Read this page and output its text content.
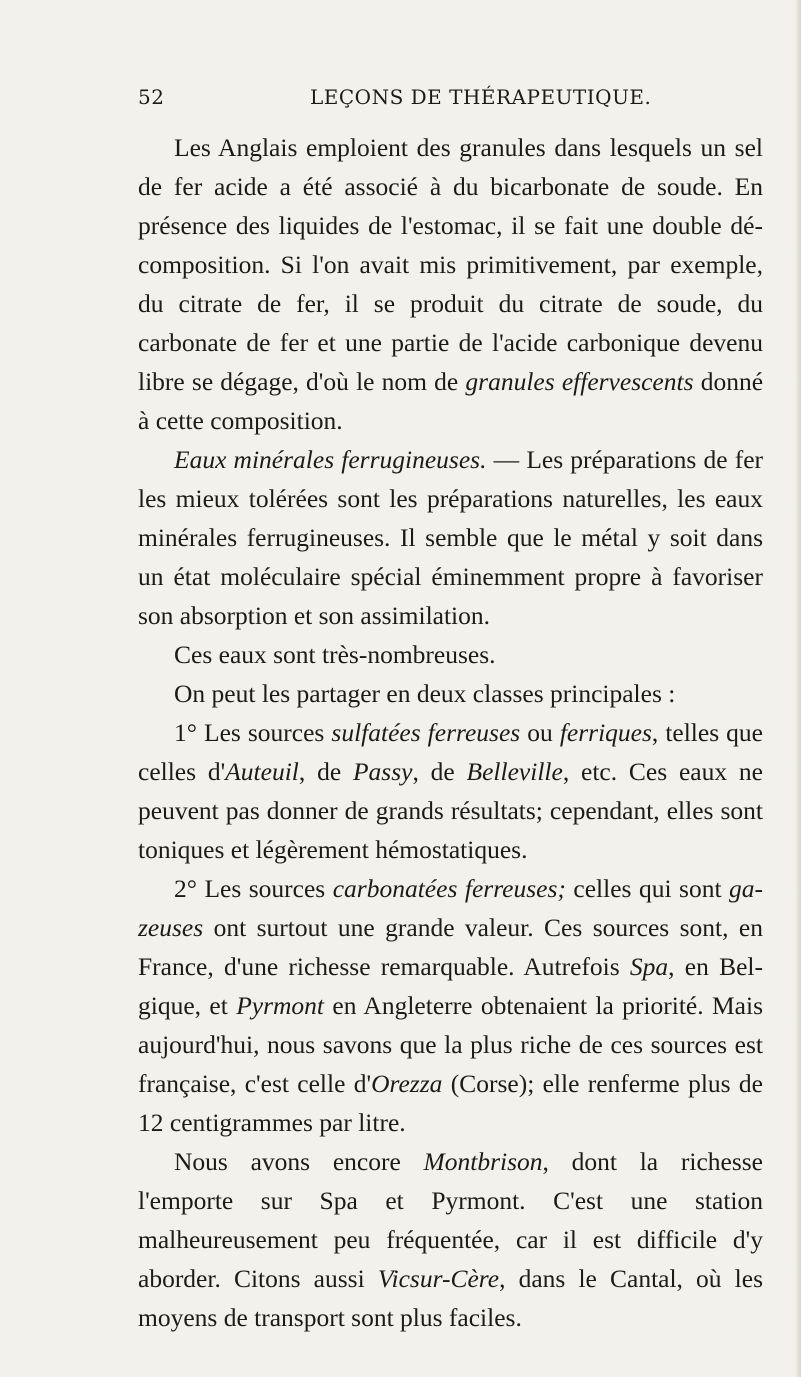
52	LEÇONS DE THÉRAPEUTIQUE.

Les Anglais emploient des granules dans lesquels un sel de fer acide a été associé à du bicarbonate de soude. En présence des liquides de l'estomac, il se fait une double décomposition. Si l'on avait mis primitivement, par exemple, du citrate de fer, il se produit du citrate de soude, du carbonate de fer et une partie de l'acide carbonique devenu libre se dégage, d'où le nom de granules effervescents donné à cette composition.

Eaux minérales ferrugineuses. — Les préparations de fer les mieux tolérées sont les préparations naturelles, les eaux minérales ferrugineuses. Il semble que le métal y soit dans un état moléculaire spécial éminemment propre à favoriser son absorption et son assimilation.

Ces eaux sont très-nombreuses.

On peut les partager en deux classes principales :

1° Les sources sulfatées ferreuses ou ferriques, telles que celles d'Auteuil, de Passy, de Belleville, etc. Ces eaux ne peuvent pas donner de grands résultats; cependant, elles sont toniques et légèrement hémostatiques.

2° Les sources carbonatées ferreuses; celles qui sont gazeuses ont surtout une grande valeur. Ces sources sont, en France, d'une richesse remarquable. Autrefois Spa, en Belgique, et Pyrmont en Angleterre obtenaient la priorité. Mais aujourd'hui, nous savons que la plus riche de ces sources est française, c'est celle d'Orezza (Corse); elle renferme plus de 12 centigrammes par litre.

Nous avons encore Montbrison, dont la richesse l'emporte sur Spa et Pyrmont. C'est une station malheureusement peu fréquentée, car il est difficile d'y aborder. Citons aussi Vicsur-Cère, dans le Cantal, où les moyens de transport sont plus faciles.
